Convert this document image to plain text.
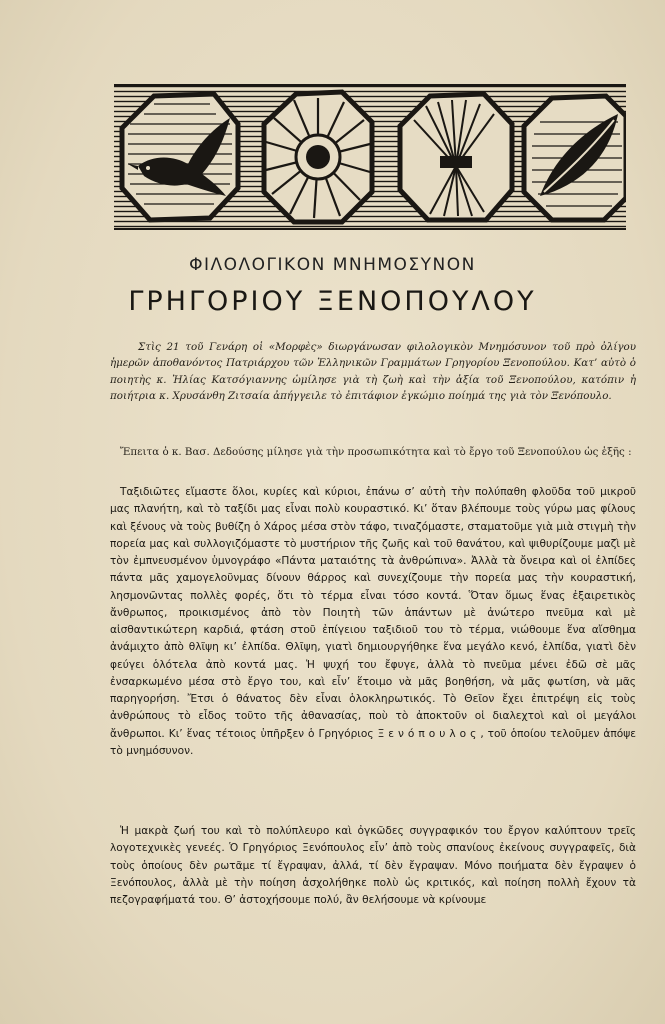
ΦΙΛΟΛΟΓΙΚΟΝ ΜΝΗΜΟΣΥΝΟΝ
ΓΡΗΓΟΡΙΟΥ ΞΕΝΟΠΟΥΛΟΥ

Στὶς 21 τοῦ Γενάρη οἱ «Μορφὲς» διωργάνωσαν φιλολογικὸν Μνημόσυνον τοῦ πρὸ ὀλίγου ἡμερῶν ἀποθανόντος Πατριάρχου τῶν Ἑλληνικῶν Γραμμάτων Γρηγορίου Ξενοπούλου. Κατ’ αὐτὸ ὁ ποιητὴς κ. Ἠλίας Κατσόγιαννης ὡμίλησε γιὰ τὴ ζωὴ καὶ τὴν ἀξία τοῦ Ξενοπούλου, κατόπιν ἡ ποιήτρια κ. Χρυσάνθη Ζιτσαία ἀπήγγειλε τὸ ἐπιτάφιον ἐγκώμιο ποίημά της γιὰ τὸν Ξενόπουλο.

Ἔπειτα ὁ κ. Βασ. Δεδούσης μίλησε γιὰ τὴν προσωπικότητα καὶ τὸ ἔργο τοῦ Ξενοπούλου ὡς ἑξῆς :

Ταξιδιῶτες εἴμαστε ὅλοι, κυρίες καὶ κύριοι, ἐπάνω σ’ αὐτὴ τὴν πολύπαθη φλοῦδα τοῦ μικροῦ μας πλανήτη, καὶ τὸ ταξίδι μας εἶναι πολὺ κουραστικό. Κι’ ὅταν βλέπουμε τοὺς γύρω μας φίλους καὶ ξένους νὰ τοὺς βυθίζη ὁ Χάρος μέσα στὸν τάφο, τιναζόμαστε, σταματοῦμε γιὰ μιὰ στιγμὴ τὴν πορεία μας καὶ συλλογιζόμαστε τὸ μυστήριον τῆς ζωῆς καὶ τοῦ θανάτου, καὶ ψιθυρίζουμε μαζὶ μὲ τὸν ἐμπνευσμένον ὑμνογράφο «Πάντα ματαιότης τὰ ἀνθρώπινα». Ἀλλὰ τὰ ὄνειρα καὶ οἱ ἐλπίδες πάντα μᾶς χαμογελοῦνμας δίνουν θάρρος καὶ συνεχίζουμε τὴν πορεία μας τὴν κουραστική, λησμονῶντας πολλὲς φορές, ὅτι τὸ τέρμα εἶναι τόσο κοντά. Ὅταν ὅμως ἕνας ἐξαιρετικὸς ἄνθρωπος, προικισμένος ἀπὸ τὸν Ποιητὴ τῶν ἁπάντων μὲ ἀνώτερο πνεῦμα καὶ μὲ αἰσθαντικώτερη καρδιά, φτάση στοῦ ἐπίγειου ταξιδιοῦ του τὸ τέρμα, νιώθουμε ἕνα αἴσθημα ἀνάμιχτο ἀπὸ θλῖψη κι’ ἐλπίδα. Θλῖψη, γιατὶ δημιουργήθηκε ἕνα μεγάλο κενό, ἐλπίδα, γιατὶ δὲν φεύγει ὁλότελα ἀπὸ κοντά μας. Ἡ ψυχή του ἔφυγε, ἀλλὰ τὸ πνεῦμα μένει ἐδῶ σὲ μᾶς ἐνσαρκωμένο μέσα στὸ ἔργο του, καὶ εἶν’ ἕτοιμο νὰ μᾶς βοηθήση, νὰ μᾶς φωτίση, νὰ μᾶς παρηγορήση. Ἔτσι ὁ θάνατος δὲν εἶναι ὁλοκληρωτικός. Τὸ Θεῖον ἔχει ἐπιτρέψη εἰς τοὺς ἀνθρώπους τὸ εἶδος τοῦτο τῆς ἀθανασίας, ποὺ τὸ ἀποκτοῦν οἱ διαλεχτοὶ καὶ οἱ μεγάλοι ἄνθρωποι. Κι’ ἕνας τέτοιος ὑπῆρξεν ὁ Γρηγόριος Ξενόπουλος, τοῦ ὁποίου τελοῦμεν ἀπόψε τὸ μνημόσυνον.

Ἡ μακρὰ ζωή του καὶ τὸ πολύπλευρο καὶ ὀγκῶδες συγγραφικόν του ἔργον καλύπτουν τρεῖς λογοτεχνικὲς γενεές. Ὁ Γρηγόριος Ξενόπουλος εἶν’ ἀπὸ τοὺς σπανίους ἐκείνους συγγραφεῖς, διὰ τοὺς ὁποίους δὲν ρωτᾶμε τί ἔγραψαν, ἀλλά, τί δὲν ἔγραψαν. Μόνο ποιήματα δὲν ἔγραψεν ὁ Ξενόπουλος, ἀλλὰ μὲ τὴν ποίηση ἀσχολήθηκε πολὺ ὡς κριτικός, καὶ ποίηση πολλὴ ἔχουν τὰ πεζογραφήματά του. Θ’ ἀστοχήσουμε πολύ, ἂν θελήσουμε νὰ κρίνουμε
